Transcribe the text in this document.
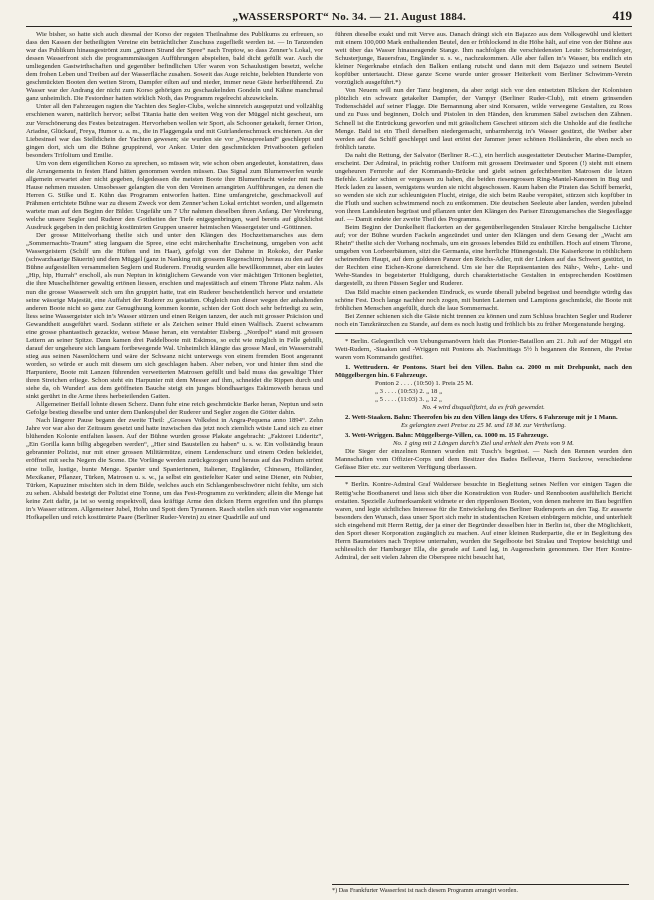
„WASSERSPORT“ No. 34. — 21. August 1884.	419

Wie bisher, so hatte sich auch diesmal der Korso der regsten Theilnahme des Publikums zu erfreuen, so dass den Kassen der betheiligten Vereine ein beträchtlicher Zuschuss zugefließt werden ist. — In Tanzenden war das Publikum hinausgeströmt zum „grünen Strand der Spree“ nach Treptow, so dass Zenner’s Lokal, vor dessen Wasserfront sich die programmmässigen Aufführungen abspielten, bald dicht gefüllt war. Auch die umliegenden Gastwirthschaften und gegenüber befindlichen Ufer waren von Schaulustigen besetzt, welche dem frohen Leben und Treiben auf der Wasserfläche zusahen. Soweit das Auge reichte, belebten Hunderte von geschmückten Booten den weiten Strom, Dampfer eilten auf und nieder, immer neue Gäste herbeiführend. Zu Wasser war der Andrang der nicht zum Korso gehörigen zu geschaukelnden Gondeln und Kähne manchmal ganz unheimlich. Die Festordner hatten wirklich Noth, das Programm regelrecht abzuwickeln.

Unter all den Fahrzeugen ragten die Yachten des Segler-Clubs, welche sinnreich ausgeputzt und vollzählig erschienen waren, natürlich hervor; selbst Titania hatte den weiten Weg von der Müggel nicht gescheut, um zur Verschönerung des Festes beizutragen. Hervorheben wollen wir Sport, als Schooner getakelt, ferner Orion, Ariadne, Glückauf, Freya, Humor u. a. m., die in Flaggengala und mit Guirlandenschmuck erschienen. An der Liebesinsel war das Stelldichein der Yachten gewesen; sie wurden sie vor „Neuspreeland“ geschleppt und gingen dort, sich um die Bühne gruppirend, vor Anker. Unter den geschmückten Privatbooten gefielen besonders Trifolium und Emilie.

Um von dem eigentlichen Korso zu sprechen, so müssen wir, wie schon oben angedeutet, konstatiren, dass die Arrangements in festen Hand hätten genommen werden müssen. Das Signal zum Blumenwerfen wurde allgemein erwartet aber nicht gegeben, folgedessen die meisten Boote ihre Blumenfracht wieder mit nach Hause nehmen mussten. Umsobesser gelangten die von den Vereinen arrangirten Aufführungen, zu denen die Herren G. Stilke und E. Kühn das Programm entworfen hatten. Eine umfangreiche, geschmackvoll auf Prähmen errichtete Bühne war zu diesem Zweck vor dem Zenner’schen Lokal errichtet worden, und allgemein wartete man auf den Beginn der Bilder. Ungefähr um 7 Uhr nahmen dieselben ihren Anfang. Der Verehrung, welche unsere Segler und Ruderer den Gottheiten der Tiefe entgegenbringen, ward bereits auf glücklichst Ausdruck gegeben in den prächtig kostümirten Gruppen unserer heimischen Wassergeister und -Göttinnen.

Der grosse Mittelvorhang theilte sich und unter den Klängen des Hochzeitsmarsches aus dem „Sommernachts-Traum“ stieg langsam die Spree, eine echt märchenhafte Erscheinung, umgeben von acht Wassergeistern (Schilf um die Hüften und im Haar), gefolgt von der Dahme in Rokoko, der Panke (schwarzhaarige Bäuerin) und dem Müggel (ganz in Nanking mit grossem Regenschirm) heraus zu den auf der Bühne aufgestellten versammelten Seglern und Ruderern. Freudig wurden alle bewillkommnet, aber ein lautes „Hip, hip, Hurrah“ erscholl, als nun Neptun in königlichem Gewande von vier mächtigen Tritonen begleitet, die ihre Muschelhörner gewaltig ertönen liessen, erschien und majestätisch auf einem Throne Platz nahm. Als nun die grosse Wasserwelt sich um ihn gruppirt hatte, trat ein Ruderer bescheidentlich hervor und erstattete seine wässrige Majestät, eine Auffahrt der Ruderer zu gestatten. Obgleich nun dieser wegen der anhaltenden anderen Boote nicht so ganz zur Genugthuung kommen konnte, schien der Gott doch sehr befriedigt zu sein, liess seine Wassergeister sich in’s Wasser stürzen und einen Reigen tanzen, der auch mit grosser Präcision und Gewandtheit ausgeführt ward. Sodann stiftete er als Zeichen seiner Huld einen Walfisch. Zuerst schwamm eine grosse phantastisch gezackte, weisse Masse heran, ein verstabter Eisberg. „Nordpol“ stand mit grossen Lettern an seiner Spitze. Dann kamen drei Paddelboote mit Eskimos, so echt wie möglich in Felle gehüllt, darauf der ungeheure sich langsam fortbewegende Wal. Unheimlich klängte das grosse Maul, ein Wasserstrahl stieg aus seinen Nasenlöchern und wäre der Schwanz nicht unterwegs von einem fremden Boot angerannt worden, so würde er auch mit diesem um sich geschlagen haben. Aber neben, vor und hinter ihm sind die Harpuniere, Boote mit Lanzen führenden verwetterten Matrosen gefüllt und bald muss das gewaltige Thier ihren Streichen erliege. Schon steht ein Harpunier mit dem Messer auf ihm, schneidet die Rippen durch und siehe da, oh Wunder! aus dem geöffneten Bauche steigt ein junges blondhaariges Eskimoweib heraus und sinkt gerührt in die Arme ihres herbeieilenden Gatten.

Allgemeiner Beifall lohnte diesen Scherz. Dann fuhr eine reich geschmückte Barke heran, Neptun und sein Gefolge bestieg dieselbe und unter dem Dankesjubel der Ruderer und Segler zogen die Götter dahin.

Nach längerer Pause begann der zweite Theil: „Grosses Volksfest in Angra-Pequena anno 1894“. Zehn Jahre vor war also der Zeitraum gesetzt und hatte inzwischen das jetzt noch ziemlich wüste Land sich zu einer blühenden Kolonie entfalten lassen. Auf der Bühne wurden grosse Plakate angebracht: „Faktorei Lüderitz“, „Ein Gorilla kann billig abgegeben werden“, „Hier sind Baustellen zu haben“ u. s. w. Ein vollständig braun gebrannter Polizist, nur mit einer grossen Militärmütze, einem Lendenschurz und einem Orden bekleidet, eröffnet mit sechs Negern die Scene. Die Vorfänge werden zurückgezogen und heraus auf das Podium strömt eine tolle, lustige, bunte Menge. Spanier und Spanierinnen, Italiener, Engländer, Chinesen, Holländer, Mexikaner, Pflanzer, Türken, Matrosen u. s. w., ja selbst ein gestiefelter Kater und seine Diener, ein Nubier, Türken, Kapuziner mischten sich in dem Bilde, welches auch ein Schlangenbeschwörer nicht fehlte, um sich zu sehen. Alsbald besteigt der Polizist eine Tonne, um das Fest-Programm zu verkünden; allein die Menge hat keine Zeit dafür, ja ist so wenig respektvoll, dass kräftige Arme den dicken Herrn ergreifen und ihn plumps in’s Wasser stürzen. Allgemeiner Jubel, Hohn und Spott dem Tyrannen. Rasch stellen sich nun vier sogenannte Hofkapellen und reich kostümirte Paare (Berliner Ruder-Verein) zu einer Quadrille auf und

führen dieselbe exakt und mit Verve aus. Danach drängt sich ein Bajazzo aus dem Volksgewühl und klettert mit einem 100,000 Mark enthaltenden Beutel, den er fröhlockend in die Höhe hält, auf eine von der Bühne aus weit über das Wasser hinausragende Stange. Ihm nachfolgen die verschiedensten Leute: Schornsteinfeger, Schusterjunge, Bauersfrau, Engländer u. s. w., nachzukommen. Alle aber fallen in’s Wasser, bis endlich ein kleiner Negerknabe einfach den Balken entlang rutscht und dann mit dem Bajazzo und seinem Beutel kopfüber untertaucht. Diese ganze Scene wurde unter grosser Heiterkeit vom Berliner Schwimm-Verein vorzüglich ausgeführt.*)

Von Neuem will nun der Tanz beginnen, da aber zeigt sich vor den entsetzten Blicken der Kolonisten plötzlich ein schwarz getakelter Dampfer, der Vampyr (Berliner Ruder-Club), mit einem grinsenden Todtenschädel auf seiner Flagge. Die Bemannung aber sind Korsaren, wilde verwegene Gestalten, zu Ross und zu Fuss und beginnen, Dolch und Pistolen in den Händen, den krummen Säbel zwischen den Zähnen. Schnell ist die Entrückung geworfen und mit grässlichem Geschrei stürzen sich die Unholde auf die festliche Menge. Bald ist ein Theil derselben niedergemacht, unbarmherzig in’s Wasser gestürzt, die Weiber aber werden auf das Schiff geschleppt und laut ertönt der Jammer jener schönen Holländerin, die eben noch so fröhlich tanzte.

Da naht die Rettung, der Salvator (Berliner R.-C.), ein herrlich ausgestatteter Deutscher Marine-Dampfer, erscheint. Der Admiral, in prächtig rother Uniform mit grossem Dreimaster und Sporen (!) steht mit einem ungeheuren Fernrohr auf der Kommando-Brücke und giebt seinen gefechtbereiten Matrosen die letzen Befehle. Leider schien er vergessen zu haben, die beiden riesengrossen Ring-Mantel-Kanonen in Bug und Heck laden zu lassen, wenigstens wurden sie nicht abgeschossen. Kaum haben die Piraten das Schiff bemerkt, so wenden sie sich zur schleunigsten Flucht, einige, die sich beim Raube veropätet, stürzen sich kopfüber in die Fluth und suchen schwimmend noch zu entkommen. Die deutschen Seeleute aber landen, werden jubelnd von ihren Landsleuten begrüsst und pflanzen unter den Klängen des Pariser Einzugsmarsches die Siegesflagge auf. — Damit endete der zweite Theil des Programms.

Beim Beginn der Dunkelheit flackerten an der gegenüberliegenden Stralauer Kirche bengalische Lichter auf; vor der Bühne wurden Fackeln angezündet und unter den Klängen und dem Gesang der „Wacht am Rhein“ theilte sich der Vorhang nochmals, um ein grosses lebendes Bild zu enthüllen. Hoch auf einem Throne, umgeben von Lorbeerbäumen, sitzt die Germania, eine herrliche Hünengestalt. Die Kaiserkrone in röthlichem scheinendem Haupt, auf dem goldenen Panzer den Reichs-Adler, mit der Linken auf das Schwert gestützt, in der Rechten eine Eichen-Krone darreichend. Um sie her die Repräsentanten des Nähr-, Wehr-, Lehr- und Wehr-Standes in begeisterter Huldigung, durch charakteristische Gestalten in entsprechenden Kostümen dargestellt, zu ihren Füssen Segler und Ruderer.

Das Bild machte einen packenden Eindruck, es wurde überall jubelnd begrüsst und beendigte würdig das schöne Fest. Doch lange nachher noch zogen, mit bunten Laternen und Lampions geschmückt, die Boote mit fröhlichen Menschen angefüllt, durch die laue Sommernacht.

Bei Zenner schienen sich die Gäste nicht trennen zu können und zum Schluss brachten Segler und Ruderer noch ein Tanzkränzchen zu Stande, auf dem es noch lustig und fröhlich bis zu früher Morgenstunde herging.

* Berlin. Gelegentlich von Uebungsmanövern hielt das Pionier-Bataillon am 21. Juli auf der Müggel ein Wett-Rudern, -Staaken und -Wriggen mit Pontons ab. Nachmittags 5½ h begannen die Rennen, die Preise waren vom Kommando gestiftet.

1. Wettrudern. 4r Pontons. Start bei den Villen. Bahn ca. 2000 m mit Drehpunkt, nach den Müggelbergen hin. 6 Fahrzeuge.

Ponton 2 . . . . (10:50) 1. Preis 25 M.

„ 3 . . . . (10:53) 2. „ 18 „

„ 5 . . . . (11:03) 3. „ 12 „

No. 4 wird disqualifizirt, da es früh gewendet.

2. Wett-Staaken. Bahn: Theerofen bis zu den Villen längs des Ufers. 6 Fahrzeuge mit je 1 Mann.

Es gelangten zwei Preise zu 25 M. und 18 M. zur Vertheilung.

3. Wett-Wriggen. Bahn: Müggelberge-Villen, ca. 1000 m. 15 Fahrzeuge.

No. 1 ging mit 2 Längen durch’s Ziel und erhielt den Preis von 9 M.

Die Sieger der einzelnen Rennen wurden mit Tusch’s begrüsst. — Nach den Rennen wurden den Mannschaften vom Offizier-Corps und dem Besitzer des Bades Bellevue, Herrn Suckrow, verschiedene Gefässe Bier etc. zur weiteren Verfügung überlassen.

* Berlin. Kontre-Admiral Graf Waldersee besuchte in Begleitung seines Neffen vor einigen Tagen die Rettig’sche Bootbanerei und liess sich über die Konstruktion von Ruder- und Rennbooten ausführlich Bericht erstatten. Spezielle Aufmerksamkeit widmete er den rippenlosen Booten, von denen mehrere im Bau begriffen waren, und legte sichtliches Interesse für die Entwickelung des Berliner Rudersports an den Tag. Er ausserte besonders den Wunsch, dass unser Sport sich mehr in studentischen Kreisen einbürgern möchte, und unterhielt sich eingehend mit Herrn Rettig, der ja einer der Begründer desselben hier in Berlin ist, über die Möglichkeit, den Sport dieser Korporation zugänglich zu machen. Auf einer kleinen Ruderpartie, die er in Begleitung des Herrn Baumeisters nach Treptow unternahm, wurden die Segelboote bei Stralau und Treptow besichtigt und schliesslich der Hamburger Ella, die gerade auf Land lag, in Augenschein genommen. Der Herr Kontre-Admiral, der seit vielen Jahren die Oberspree nicht besucht hat,

*) Das Frankfurter Wasserfest ist nach diesem Programm arrangirt worden.
